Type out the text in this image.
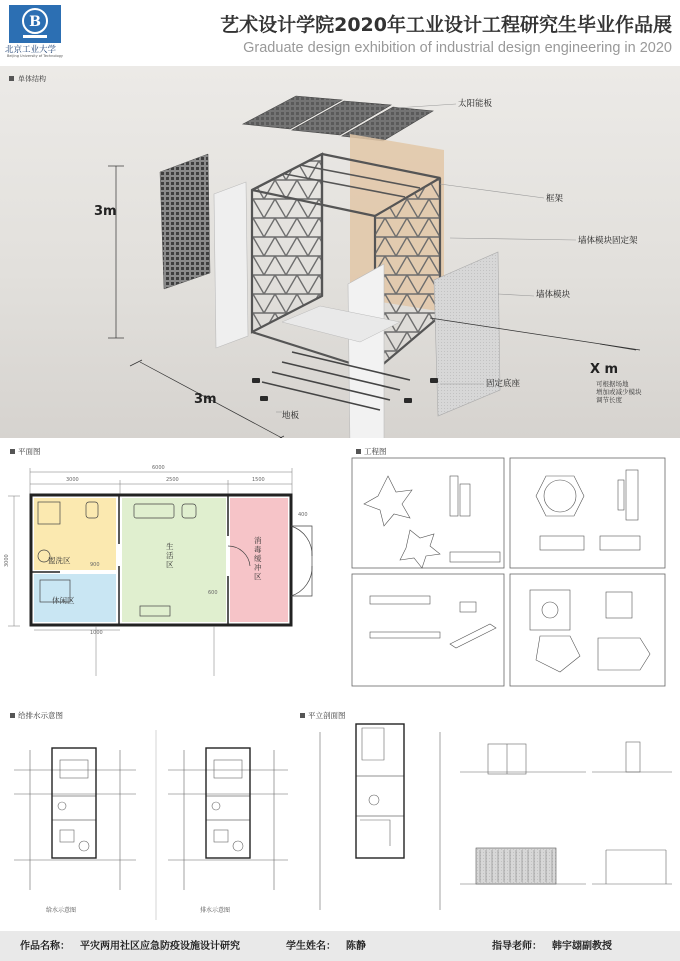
B
北京工业大学
Beijing University of Technology
艺术设计学院2020年工业设计工程研究生毕业作品展
Graduate design exhibition of industrial design engineering in 2020
单体结构
太阳能板
框架
墙体模块固定架
墙体模块
固定底座
地板
3m
3m
X m
可根据场地
增加或减少模块
调节长度
平面图
6000
3000	2500	1500
3000	900
600
1000
400
盥洗区
休闲区
生活区
消毒缓冲区
工程图
给排水示意图
给水示意图	排水示意图
平立剖面图
作品名称： 平灾两用社区应急防疫设施设计研究	学生姓名： 陈静	指导老师： 韩宇翃副教授
